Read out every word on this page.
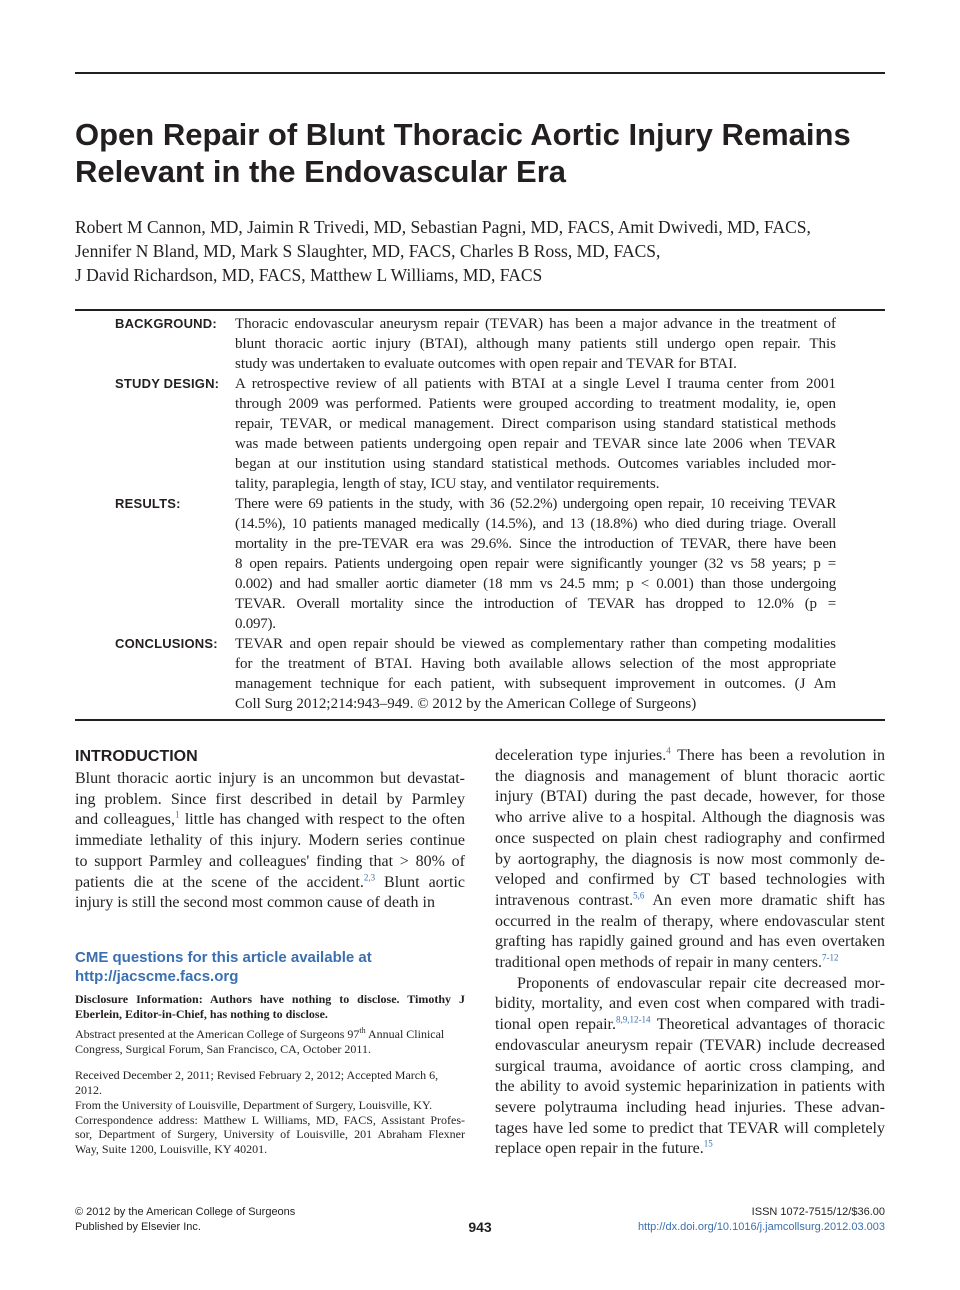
Open Repair of Blunt Thoracic Aortic Injury Remains
Relevant in the Endovascular Era
Robert M Cannon, MD, Jaimin R Trivedi, MD, Sebastian Pagni, MD, FACS, Amit Dwivedi, MD, FACS,
Jennifer N Bland, MD, Mark S Slaughter, MD, FACS, Charles B Ross, MD, FACS,
J David Richardson, MD, FACS, Matthew L Williams, MD, FACS
BACKGROUND: Thoracic endovascular aneurysm repair (TEVAR) has been a major advance in the treatment of
blunt thoracic aortic injury (BTAI), although many patients still undergo open repair. This
study was undertaken to evaluate outcomes with open repair and TEVAR for BTAI.
STUDY DESIGN: A retrospective review of all patients with BTAI at a single Level I trauma center from 2001
through 2009 was performed. Patients were grouped according to treatment modality, ie, open
repair, TEVAR, or medical management. Direct comparison using standard statistical methods
was made between patients undergoing open repair and TEVAR since late 2006 when TEVAR
began at our institution using standard statistical methods. Outcomes variables included mor-
tality, paraplegia, length of stay, ICU stay, and ventilator requirements.
RESULTS:	There were 69 patients in the study, with 36 (52.2%) undergoing open repair, 10 receiving TEVAR
(14.5%), 10 patients managed medically (14.5%), and 13 (18.8%) who died during triage. Overall
mortality in the pre-TEVAR era was 29.6%. Since the introduction of TEVAR, there have been
8 open repairs. Patients undergoing open repair were significantly younger (32 vs 58 years; p =
0.002) and had smaller aortic diameter (18 mm vs 24.5 mm; p < 0.001) than those undergoing
TEVAR. Overall mortality since the introduction of TEVAR has dropped to 12.0% (p =
0.097).
CONCLUSIONS: TEVAR and open repair should be viewed as complementary rather than competing modalities
for the treatment of BTAI. Having both available allows selection of the most appropriate
management technique for each patient, with subsequent improvement in outcomes. (J Am
Coll Surg 2012;214:943–949. © 2012 by the American College of Surgeons)
INTRODUCTION
Blunt thoracic aortic injury is an uncommon but devastat-
ing problem. Since first described in detail by Parmley
and colleagues,$^1$ little has changed with respect to the often
immediate lethality of this injury. Modern series continue
to support Parmley and colleagues' finding that > 80% of
patients die at the scene of the accident.$^{2,3}$ Blunt aortic
injury is still the second most common cause of death in
deceleration type injuries.$^4$ There has been a revolution in
the diagnosis and management of blunt thoracic aortic
injury (BTAI) during the past decade, however, for those
who arrive alive to a hospital. Although the diagnosis was
once suspected on plain chest radiography and confirmed
by aortography, the diagnosis is now most commonly de-
veloped and confirmed by CT based technologies with
intravenous contrast.$^{5,6}$ An even more dramatic shift has
occurred in the realm of therapy, where endovascular stent
grafting has rapidly gained ground and has even overtaken
traditional open methods of repair in many centers.$^{7-12}$
Proponents of endovascular repair cite decreased mor-
bidity, mortality, and even cost when compared with tradi-
tional open repair.$^{8,9,12-14}$ Theoretical advantages of thoracic
endovascular aneurysm repair (TEVAR) include decreased
surgical trauma, avoidance of aortic cross clamping, and
the ability to avoid systemic heparinization in patients with
severe polytrauma including head injuries. These advan-
tages have led some to predict that TEVAR will completely
replace open repair in the future.$^{15}$
CME questions for this article available at
http://jacscme.facs.org
Disclosure Information: Authors have nothing to disclose. Timothy J
Eberlein, Editor-in-Chief, has nothing to disclose.
Abstract presented at the American College of Surgeons 97th Annual Clinical
Congress, Surgical Forum, San Francisco, CA, October 2011.
Received December 2, 2011; Revised February 2, 2012; Accepted March 6,
2012.
From the University of Louisville, Department of Surgery, Louisville, KY.
Correspondence address: Matthew L Williams, MD, FACS, Assistant Profes-
sor, Department of Surgery, University of Louisville, 201 Abraham Flexner
Way, Suite 1200, Louisville, KY 40201.
© 2012 by the American College of Surgeons
Published by Elsevier Inc.	943
ISSN 1072-7515/12/$36.00
http://dx.doi.org/10.1016/j.jamcollsurg.2012.03.003
